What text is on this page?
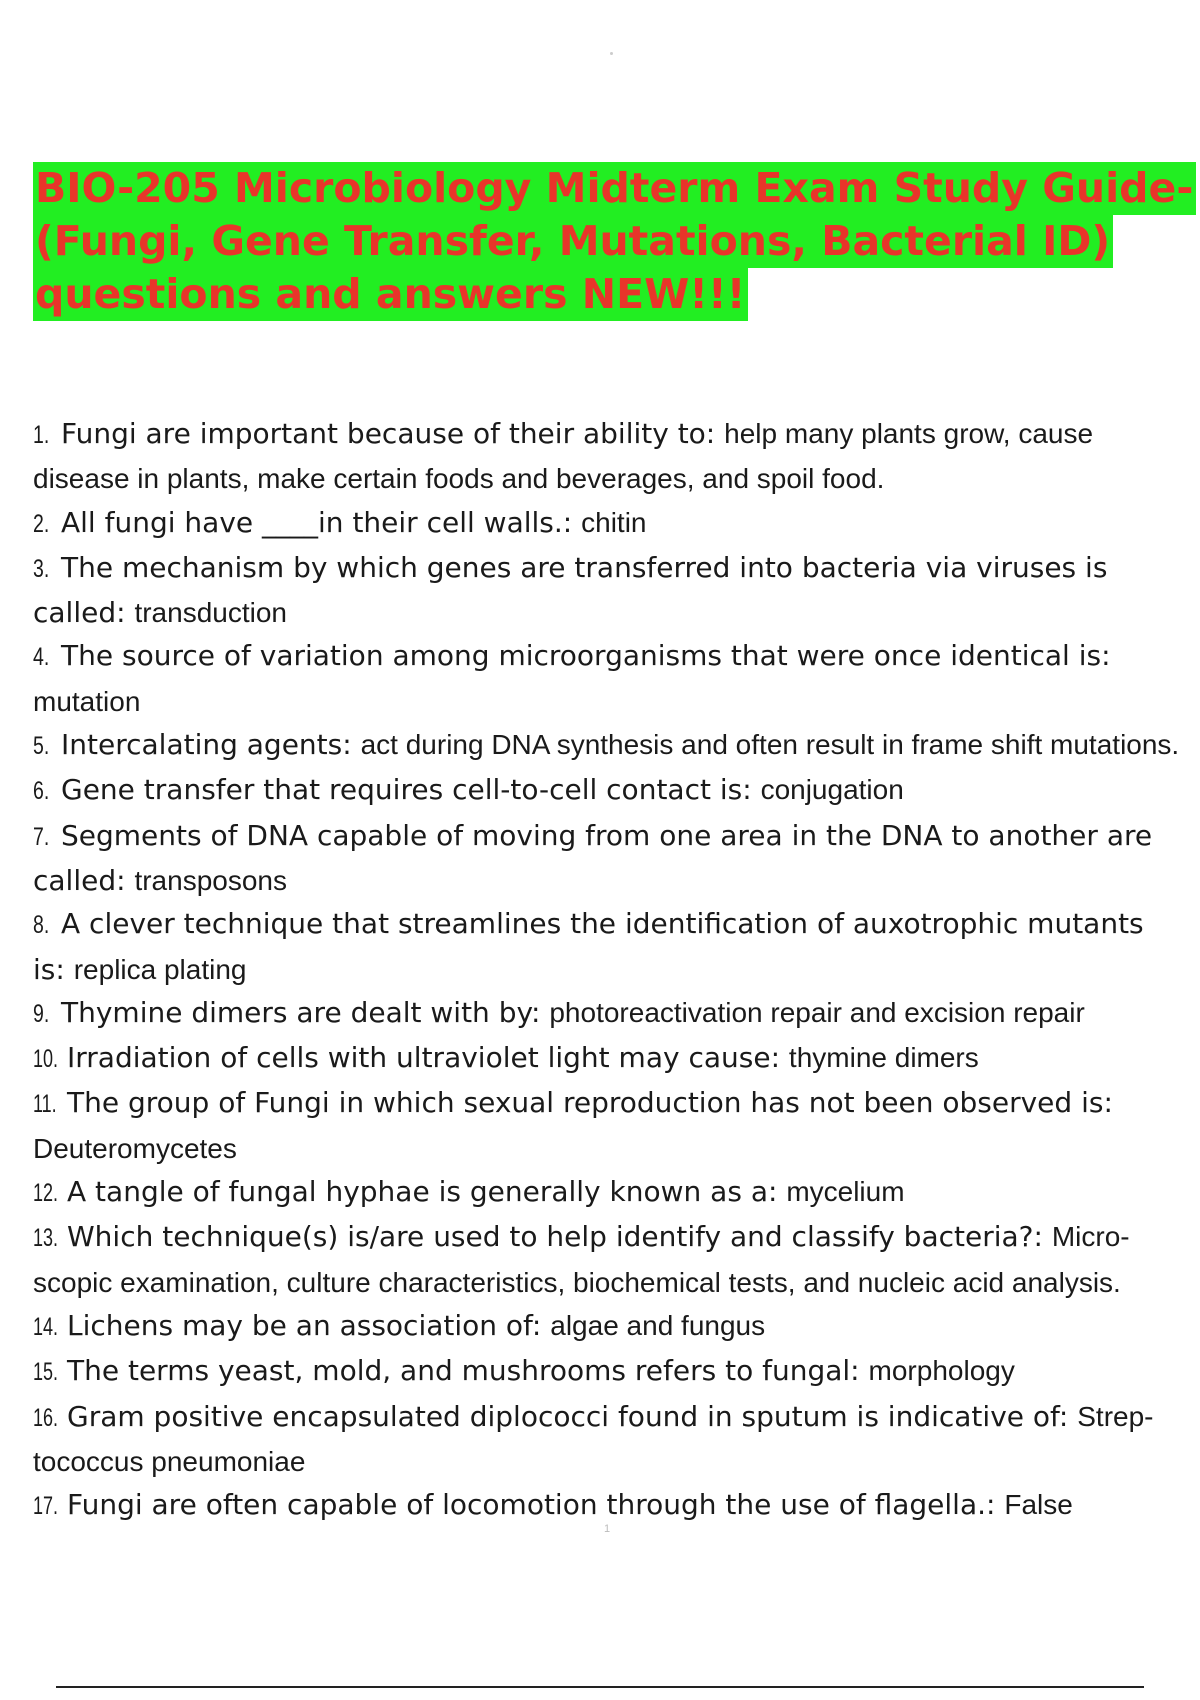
BIO-205 Microbiology Midterm Exam Study Guide-
(Fungi, Gene Transfer, Mutations, Bacterial ID)
questions and answers NEW!!!
1. Fungi are important because of their ability to: help many plants grow, cause disease in plants, make certain foods and beverages, and spoil food.
2. All fungi have ____in their cell walls.: chitin
3. The mechanism by which genes are transferred into bacteria via viruses is called: transduction
4. The source of variation among microorganisms that were once identical is: mutation
5. Intercalating agents: act during DNA synthesis and often result in frame shift mutations.
6. Gene transfer that requires cell-to-cell contact is: conjugation
7. Segments of DNA capable of moving from one area in the DNA to another are called: transposons
8. A clever technique that streamlines the identification of auxotrophic mutants is: replica plating
9. Thymine dimers are dealt with by: photoreactivation repair and excision repair
10. Irradiation of cells with ultraviolet light may cause: thymine dimers
11. The group of Fungi in which sexual reproduction has not been observed is: Deuteromycetes
12. A tangle of fungal hyphae is generally known as a: mycelium
13. Which technique(s) is/are used to help identify and classify bacteria?: Micro-scopic examination, culture characteristics, biochemical tests, and nucleic acid analysis.
14. Lichens may be an association of: algae and fungus
15. The terms yeast, mold, and mushrooms refers to fungal: morphology
16. Gram positive encapsulated diplococci found in sputum is indicative of: Strep-tococcus pneumoniae
17. Fungi are often capable of locomotion through the use of flagella.: False
1
